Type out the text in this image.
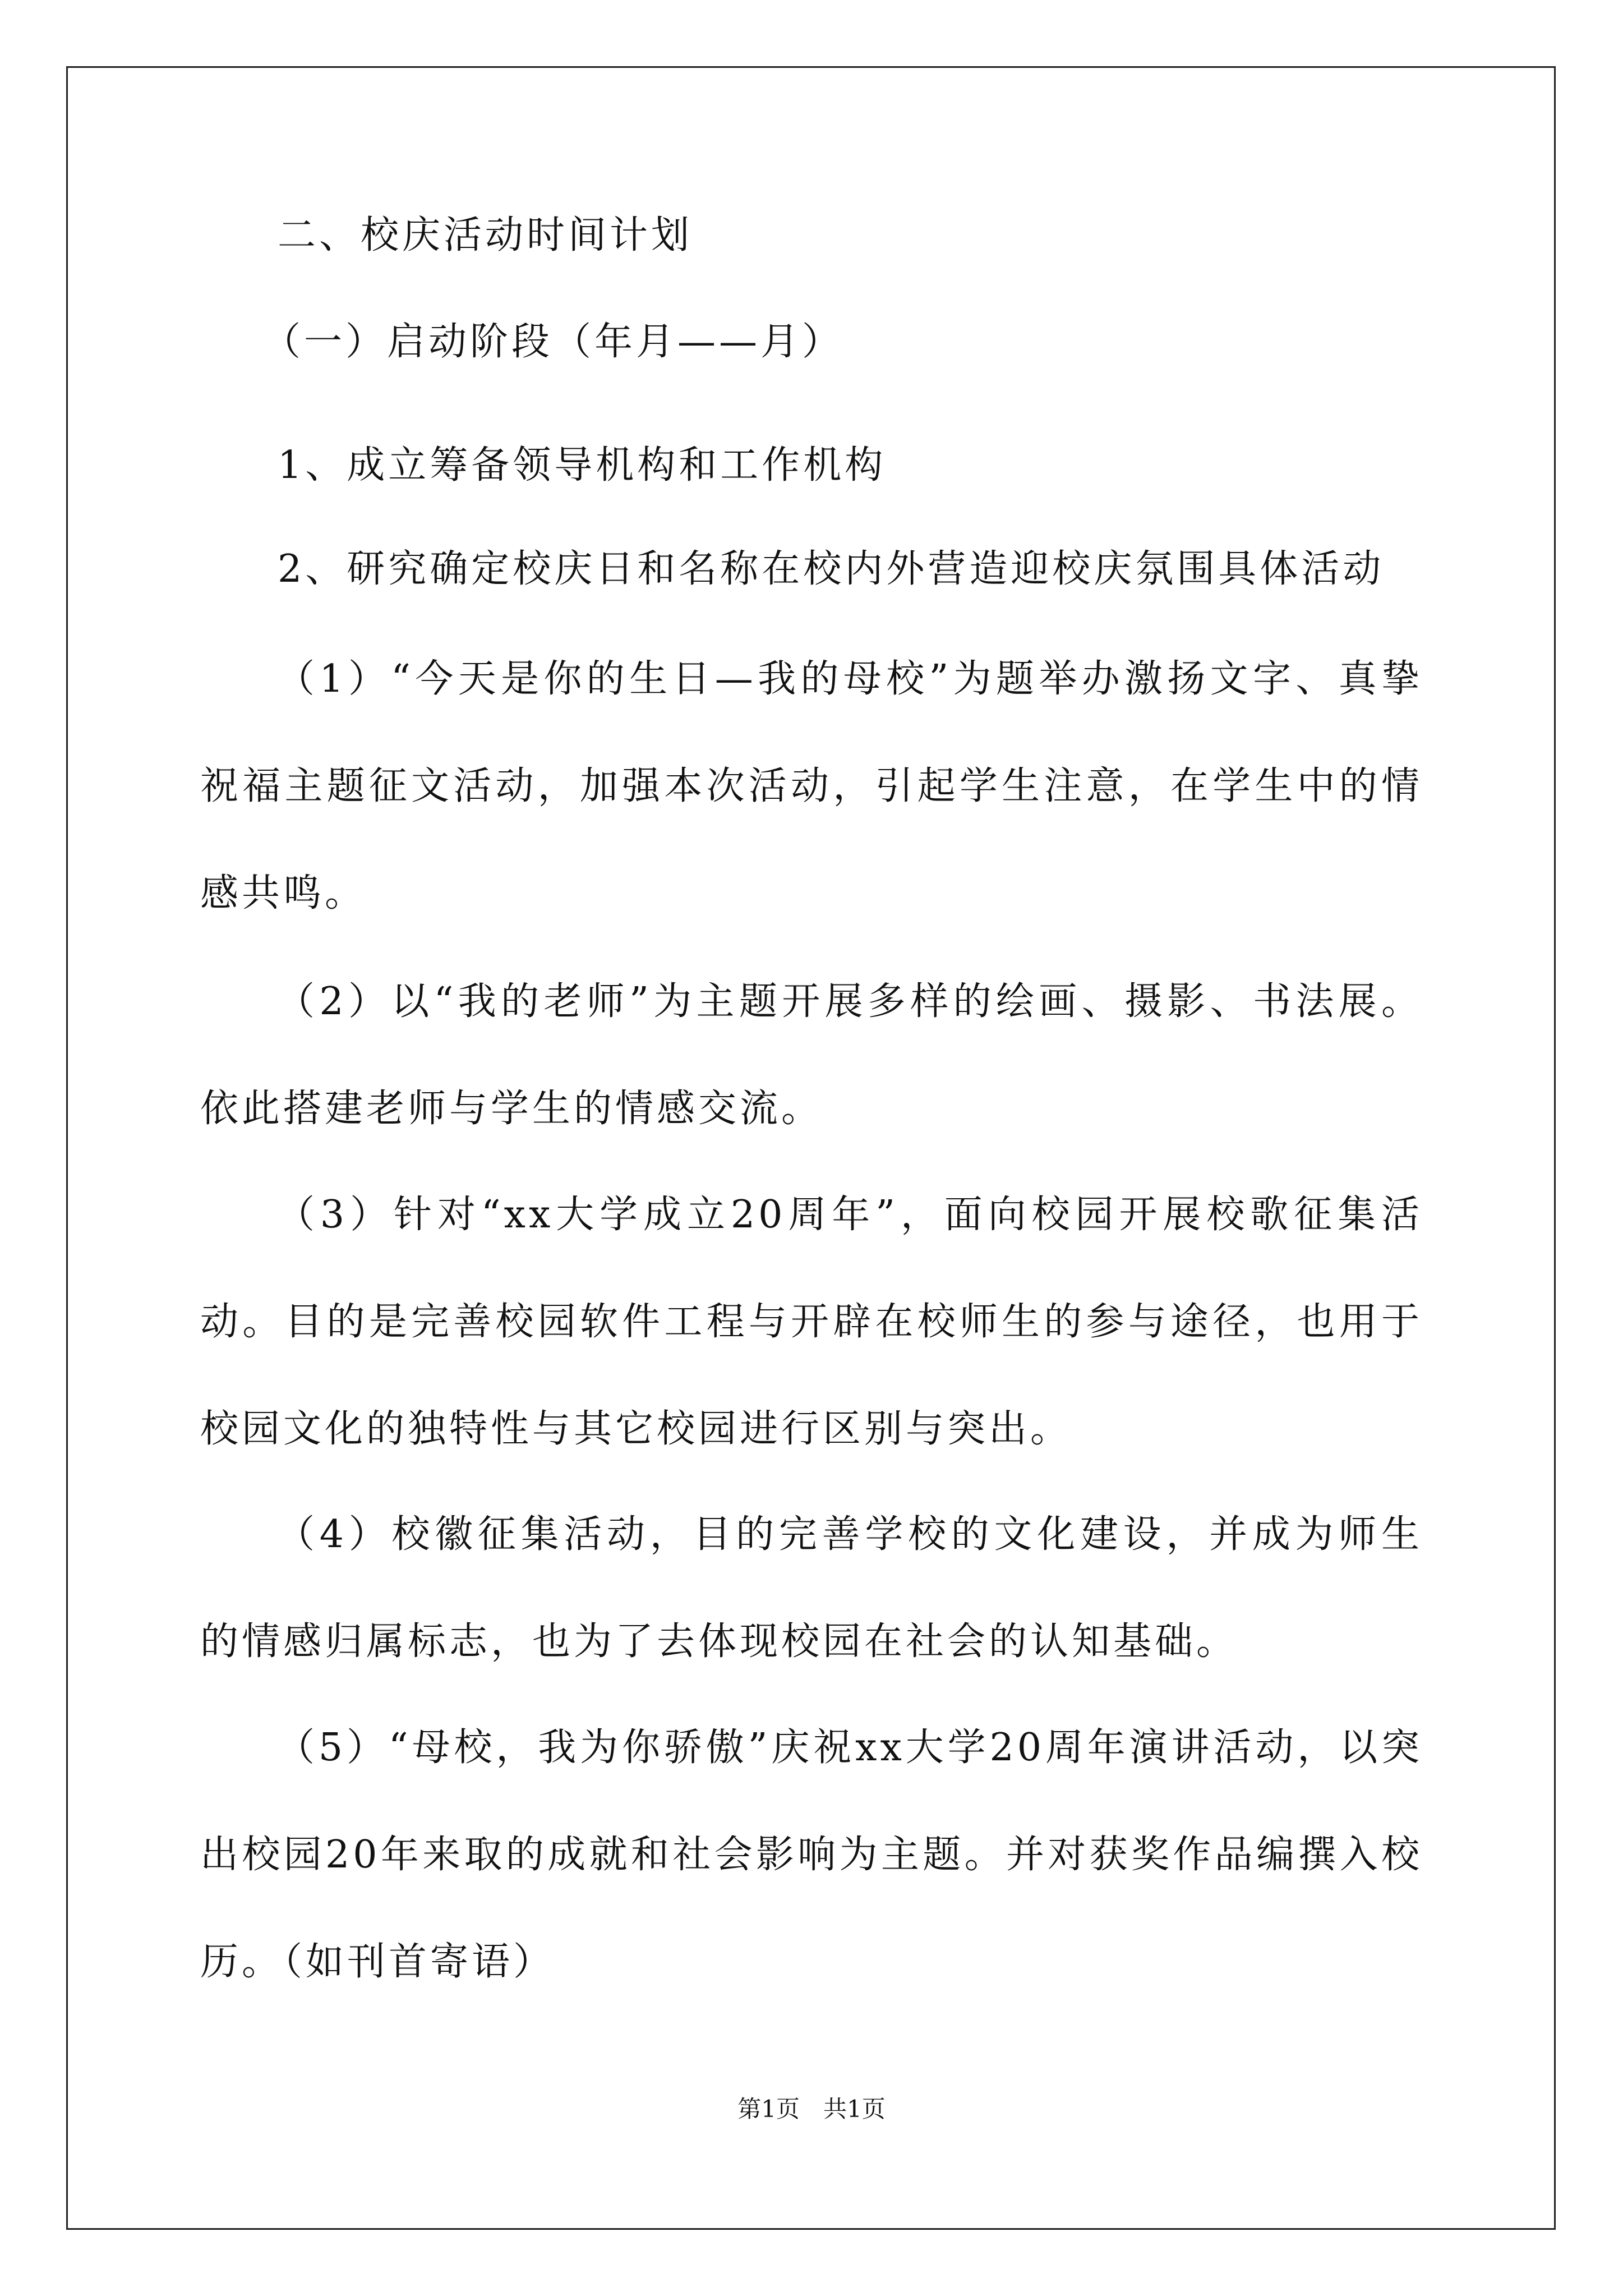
二、校庆活动时间计划
（一）启动阶段（年月——月）
1、成立筹备领导机构和工作机构
2、研究确定校庆日和名称在校内外营造迎校庆氛围具体活动
（1）“今天是你的生日—我的母校”为题举办激扬文字、真挚祝福主题征文活动，加强本次活动，引起学生注意，在学生中的情感共鸣。
（2）以“我的老师”为主题开展多样的绘画、摄影、书法展。依此搭建老师与学生的情感交流。
（3）针对“xx大学成立20周年”，面向校园开展校歌征集活动。目的是完善校园软件工程与开辟在校师生的参与途径，也用于校园文化的独特性与其它校园进行区别与突出。
（4）校徽征集活动，目的完善学校的文化建设，并成为师生的情感归属标志，也为了去体现校园在社会的认知基础。
（5）“母校，我为你骄傲”庆祝xx大学20周年演讲活动，以突出校园20年来取的成就和社会影响为主题。并对获奖作品编撰入校历。（如刊首寄语）
第1页　共1页
